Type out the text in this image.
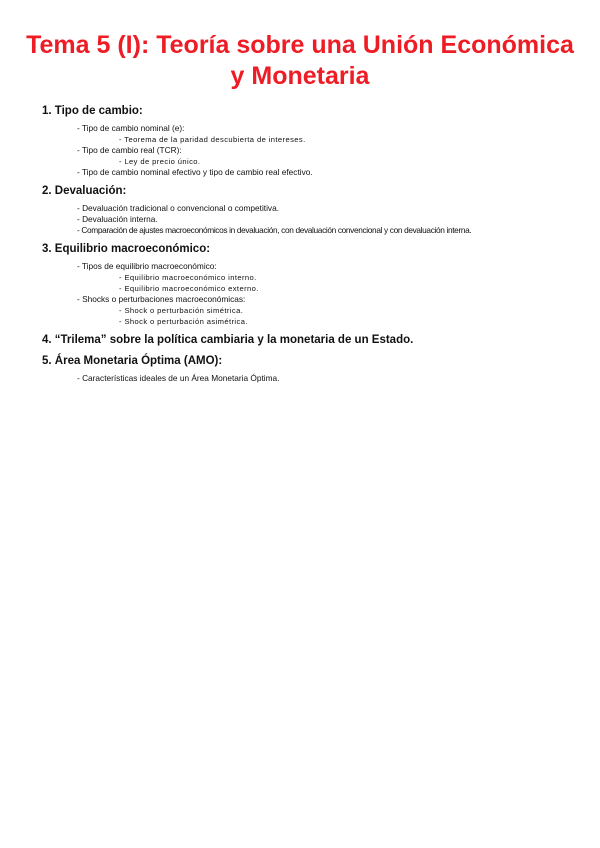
Tema 5 (I): Teoría sobre una Unión Económica
y Monetaria
1. Tipo de cambio:
- Tipo de cambio nominal (e):
- Teorema de la paridad descubierta de intereses.
- Tipo de cambio real (TCR):
- Ley de precio único.
- Tipo de cambio nominal efectivo y tipo de cambio real efectivo.
2. Devaluación:
- Devaluación tradicional o convencional o competitiva.
- Devaluación interna.
- Comparación de ajustes macroeconómicos in devaluación, con devaluación convencional y con devaluación interna.
3. Equilibrio macroeconómico:
- Tipos de equilibrio macroeconómico:
- Equilibrio macroeconómico interno.
- Equilibrio macroeconómico externo.
- Shocks o perturbaciones macroeconómicas:
- Shock o perturbación simétrica.
- Shock o perturbación asimétrica.
4. “Trilema” sobre la política cambiaria y la monetaria de un Estado.
5. Área Monetaria Óptima (AMO):
- Características ideales de un Área Monetaria Óptima.
